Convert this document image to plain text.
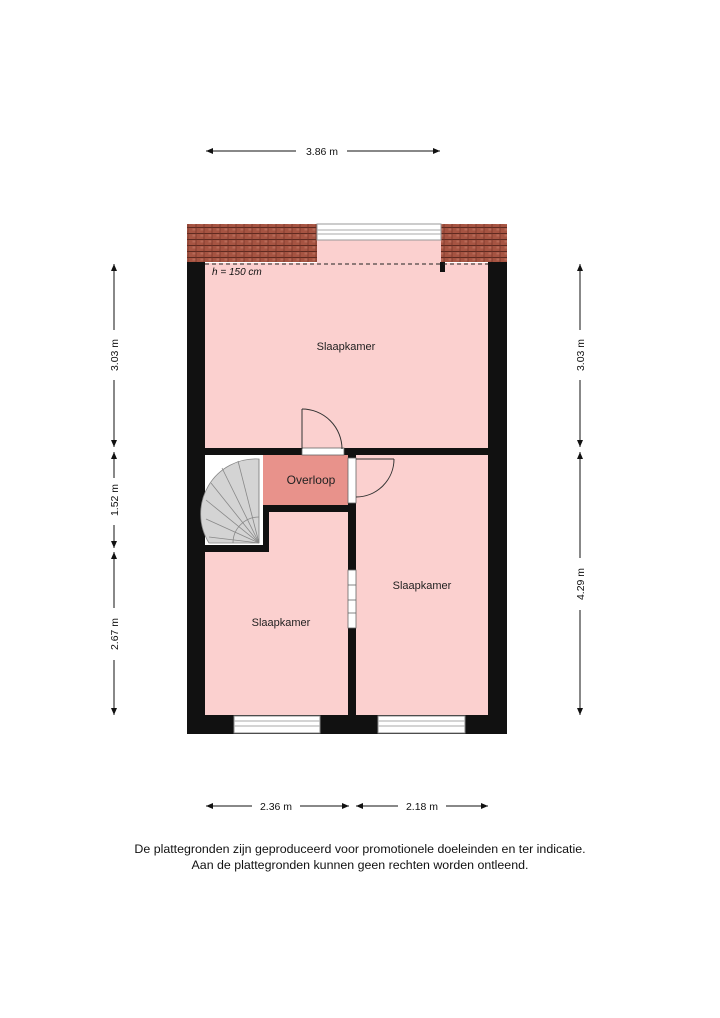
Slaapkamer
Overloop
Slaapkamer
Slaapkamer
h = 150 cm
3.86 m
3.03 m
1.52 m
2.67 m
3.03 m
4.29 m
2.36 m	2.18 m
De plattegronden zijn geproduceerd voor promotionele doeleinden en ter indicatie.
Aan de plattegronden kunnen geen rechten worden ontleend.
